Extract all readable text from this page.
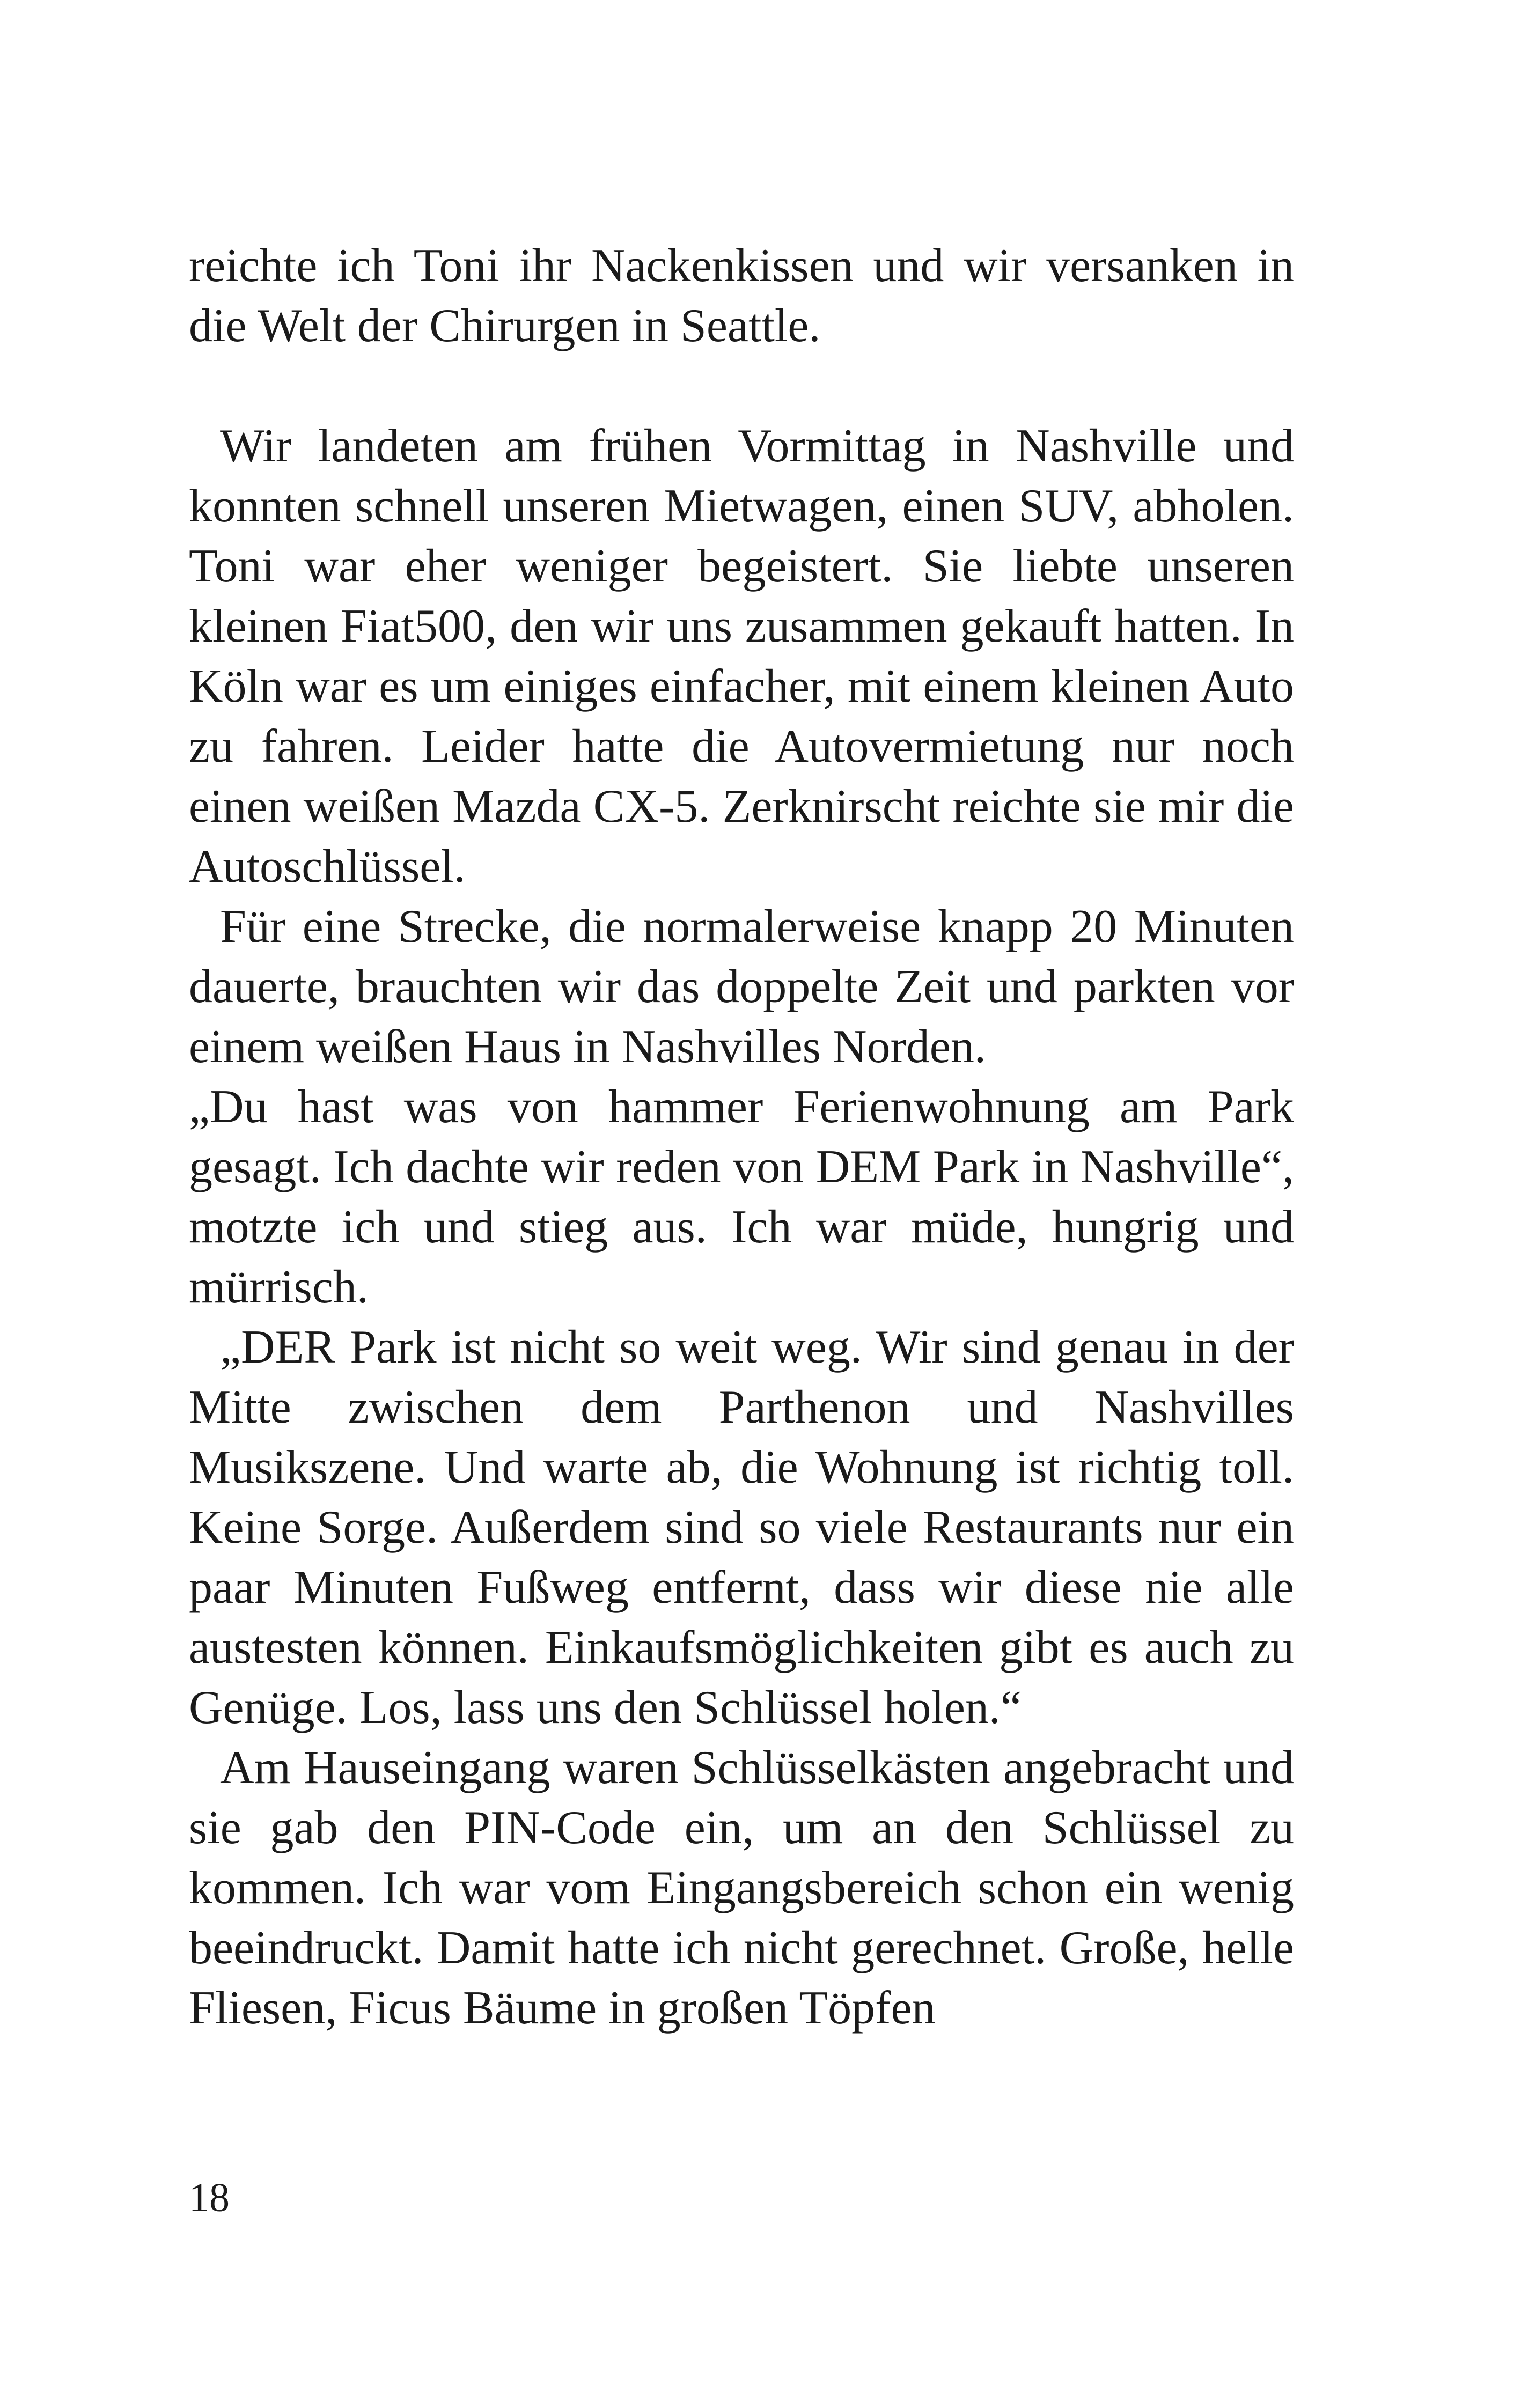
reichte ich Toni ihr Nackenkissen und wir versanken in die Welt der Chirurgen in Seattle.

Wir landeten am frühen Vormittag in Nashville und konnten schnell unseren Mietwagen, einen SUV, abholen. Toni war eher weniger begeistert. Sie liebte unseren kleinen Fiat500, den wir uns zusammen gekauft hatten. In Köln war es um einiges einfacher, mit einem kleinen Auto zu fahren. Leider hatte die Autovermietung nur noch einen weißen Mazda CX-5. Zerknirscht reichte sie mir die Autoschlüssel.

Für eine Strecke, die normalerweise knapp 20 Minuten dauerte, brauchten wir das doppelte Zeit und parkten vor einem weißen Haus in Nashvilles Norden.

„Du hast was von hammer Ferienwohnung am Park gesagt. Ich dachte wir reden von DEM Park in Nashville“, motzte ich und stieg aus. Ich war müde, hungrig und mürrisch.

„DER Park ist nicht so weit weg. Wir sind genau in der Mitte zwischen dem Parthenon und Nashvilles Musikszene. Und warte ab, die Wohnung ist richtig toll. Keine Sorge. Außerdem sind so viele Restaurants nur ein paar Minuten Fußweg entfernt, dass wir diese nie alle austesten können. Einkaufsmöglichkeiten gibt es auch zu Genüge. Los, lass uns den Schlüssel holen.“

Am Hauseingang waren Schlüsselkästen angebracht und sie gab den PIN-Code ein, um an den Schlüssel zu kommen. Ich war vom Eingangsbereich schon ein wenig beeindruckt. Damit hatte ich nicht gerechnet. Große, helle Fliesen, Ficus Bäume in großen Töpfen

18
